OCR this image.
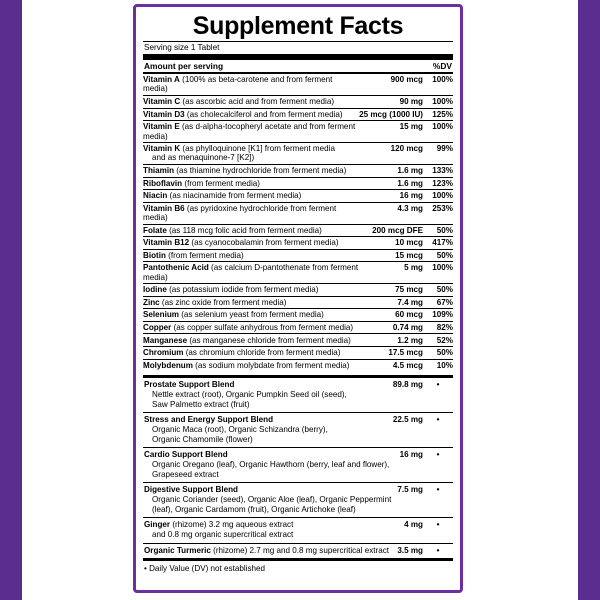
Supplement Facts
Serving size 1 Tablet
Amount per serving	%DV
Vitamin A (100% as beta-carotene and from ferment media)	900 mcg	100%
Vitamin C (as ascorbic acid and from ferment media)	90 mg	100%
Vitamin D3 (as cholecalciferol and from ferment media)	25 mcg (1000 IU)	125%
Vitamin E (as d-alpha-tocopheryl acetate and from ferment media)	15 mg	100%
Vitamin K (as phylloquinone [K1] from ferment media
and as menaquinone-7 [K2])	120 mcg	99%
Thiamin (as thiamine hydrochloride from ferment media)	1.6 mg	133%
Riboflavin (from ferment media)	1.6 mg	123%
Niacin (as niacinamide from ferment media)	16 mg	100%
Vitamin B6 (as pyridoxine hydrochloride from ferment media)	4.3 mg	253%
Folate (as 118 mcg folic acid from ferment media)	200 mcg DFE	50%
Vitamin B12 (as cyanocobalamin from ferment media)	10 mcg	417%
Biotin (from ferment media)	15 mcg	50%
Pantothenic Acid (as calcium D-pantothenate from ferment media)	5 mg	100%
Iodine (as potassium iodide from ferment media)	75 mcg	50%
Zinc (as zinc oxide from ferment media)	7.4 mg	67%
Selenium (as selenium yeast from ferment media)	60 mcg	109%
Copper (as copper sulfate anhydrous from ferment media)	0.74 mg	82%
Manganese (as manganese chloride from ferment media)	1.2 mg	52%
Chromium (as chromium chloride from ferment media)	17.5 mcg	50%
Molybdenum (as sodium molybdate from ferment media)	4.5 mcg	10%
Prostate Support Blend
Nettle extract (root), Organic Pumpkin Seed oil (seed),
Saw Palmetto extract (fruit)	89.8 mg	•
Stress and Energy Support Blend
Organic Maca (root), Organic Schizandra (berry),
Organic Chamomile (flower)	22.5 mg	•
Cardio Support Blend
Organic Oregano (leaf), Organic Hawthorn (berry, leaf and flower),
Grapeseed extract	16 mg	•
Digestive Support Blend
Organic Coriander (seed), Organic Aloe (leaf), Organic Peppermint
(leaf), Organic Cardamom (fruit), Organic Artichoke (leaf)	7.5 mg	•
Ginger (rhizome) 3.2 mg aqueous extract
and 0.8 mg organic supercritical extract	4 mg	•
Organic Turmeric (rhizome) 2.7 mg and 0.8 mg supercritical extract	3.5 mg	•
• Daily Value (DV) not established
